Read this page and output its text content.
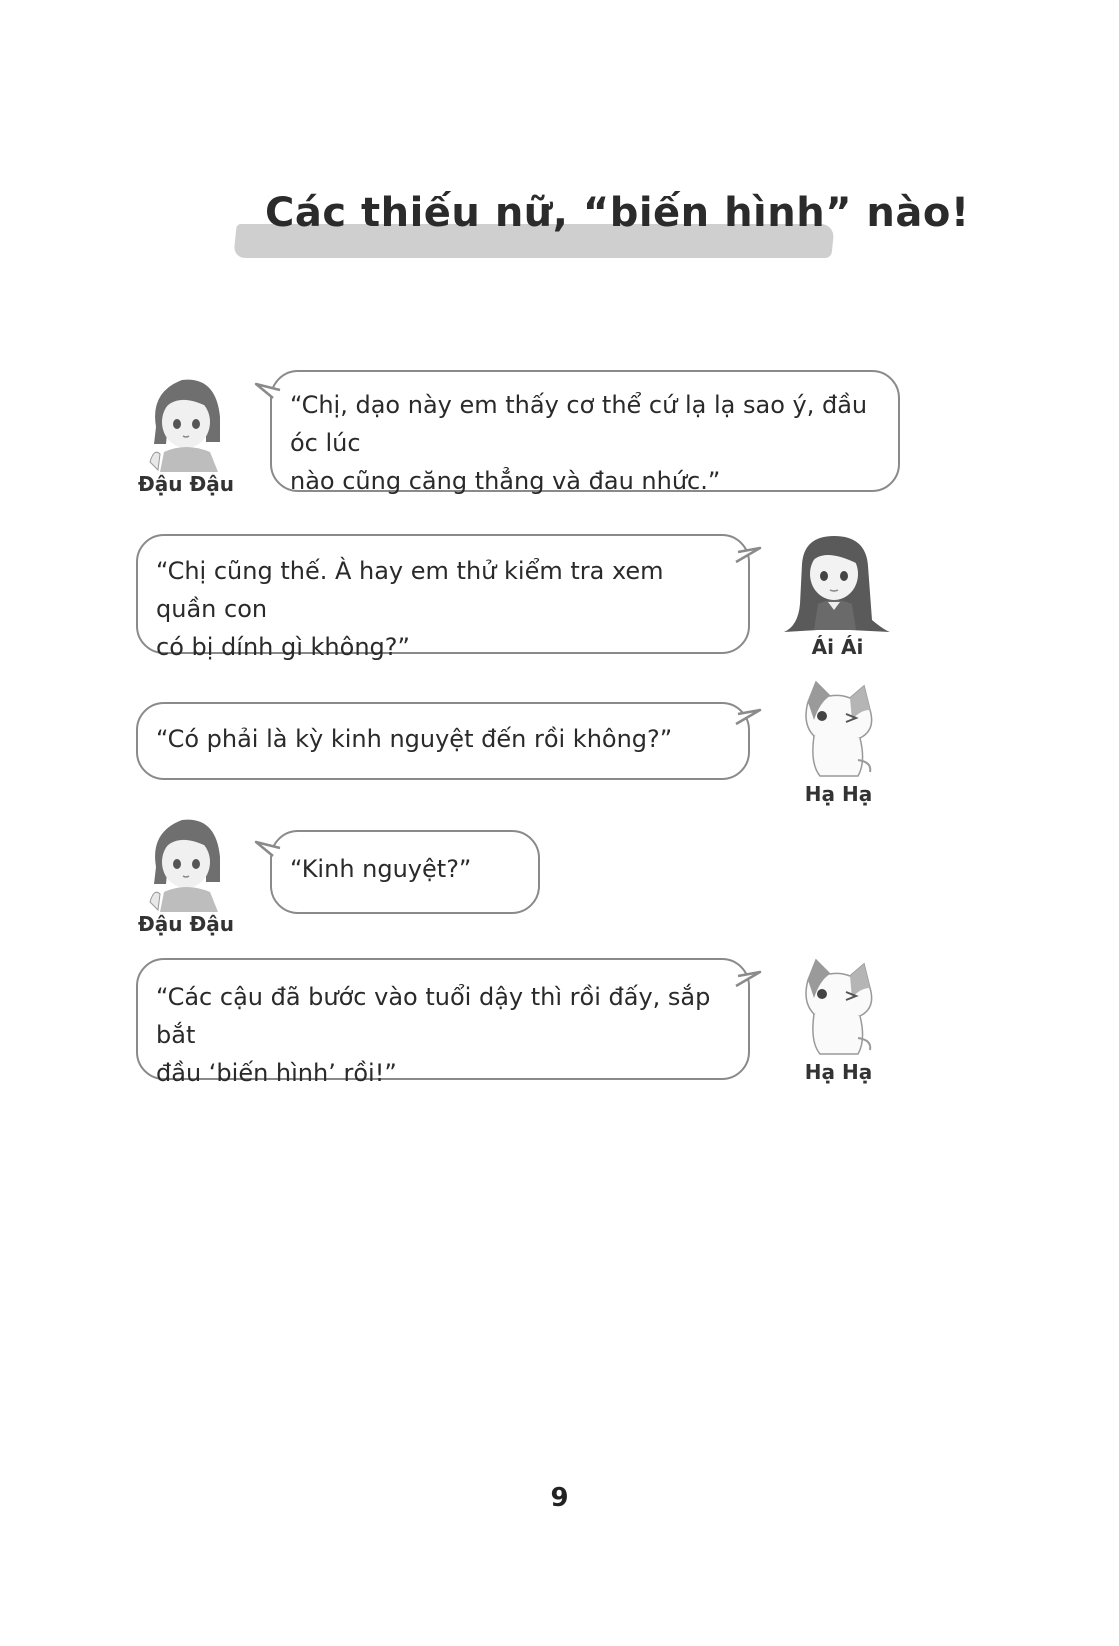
Các thiếu nữ, “biến hình” nào!
Đậu Đậu
“Chị, dạo này em thấy cơ thể cứ lạ lạ sao ý, đầu óc lúc
nào cũng căng thẳng và đau nhức.”
“Chị cũng thế. À hay em thử kiểm tra xem quần con
có bị dính gì không?”	Ái Ái
“Có phải là kỳ kinh nguyệt đến rồi không?”
Hạ Hạ
Đậu Đậu
“Kinh nguyệt?”
“Các cậu đã bước vào tuổi dậy thì rồi đấy, sắp bắt
đầu ‘biến hình’ rồi!”	Hạ Hạ
9
